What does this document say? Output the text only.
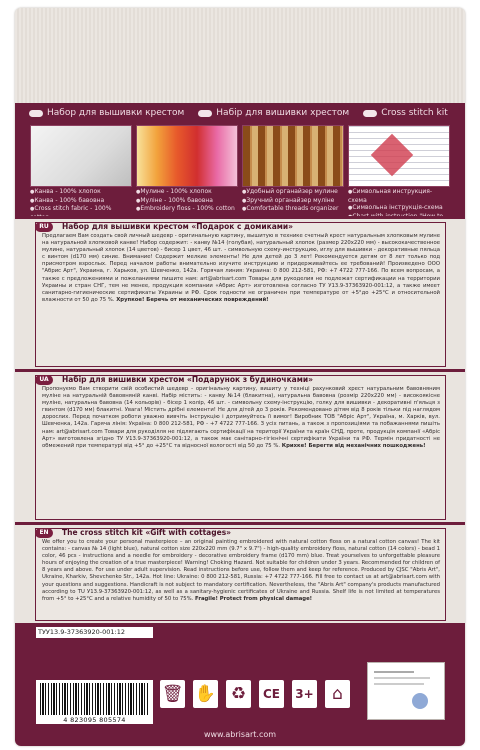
Набор для вышивки крестом	Набір для вишивки хрестом	Cross stitch kit
● Канва - 100% хлопок
● Канва - 100% бавовна
● Cross stitch fabric - 100%
● Мулине - 100% хлопок
● Муліне - 100% бавовна
● Embroidery floss - 100% cotton
● Удобный органайзер мулине
● Зручний органайзер муліне
● Comfortable threads organizer
● Символьная инструкция-схема
● Символьна інструкція-схема
●
RU	Набор для вышивки крестом «Подарок с домиками»
Предлагаем Вам создать свой личный шедевр - оригинальную картину, вышитую в технике счетный крест натуральным хлопковым мулине на натуральной хлопковой канве! Набор содержит: - канву №14 (голубая), натуральный хлопок (размер 220х220 мм) - высококачественное мулине, натуральный хлопок (14 цветов) - бисер 1 цвет, 46 шт. - символьную схему-инструкцию, иглу для вышивки - декоративные пяльца с винтом (d170 мм) синие. Внимание! Содержит мелкие элементы! Не для детей до 3 лет! Рекомендуется детям от 8 лет только под присмотром взрослых. Перед началом работы внимательно изучите инструкцию и придерживайтесь ее требований! Произведено ООО "Абрис Арт", Украина, г. Харьков, ул. Шевченко, 142а. Горячая линия: Украина: 0 800 212-581, РФ: +7 4722 777-166. По всем вопросам, а также с предложениями и пожеланиями пишите нам: art@abrisart.com Товары для рукоделия не подлежат сертификации на территории Украины и стран СНГ, тем не менее, продукция компании «Абрис Арт» изготовлена согласно ТУ У13.9-37363920-001:12, а также имеет санитарно-гигиенические сертификаты Украины и РФ. Срок годности не ограничен при температуре от +5°до +25°C и относительной влажности от 50 до 75 %. Хрупкое! Беречь от механических повреждений!
UA	Набір для вишивки хрестом «Подарунок з будиночками»
Пропонуємо Вам створити свій особистий шедевр - оригінальну картину, вишиту у техніці рахунковий хрест натуральним бавовняним муліне на натуральній бавовняній канві. Набір містить: - канву №14 (блакитна), натуральна бавовна (розмір 220х220 мм) - високоякісне муліне, натуральна бавовна (14 кольорів) - бісер 1 колір, 46 шт. - символьну схему-інструкцію, голку для вишивки - декоративні п'яльця з гвинтом (d170 мм) блакитні. Увага! Містить дрібні елементи! Не для дітей до 3 років. Рекомендовано дітям від 8 років тільки під наглядом дорослих. Перед початком роботи уважно вивчіть інструкцію і дотримуйтесь її вимог! Виробник ТОВ "Абріс Арт", Україна, м. Харків, вул. Шевченка, 142а. Гаряча лінія: Україна: 0 800 212-581, РФ - +7 4722 777-166. З усіх питань, а також з пропозиціями та побажаннями пишіть нам: art@abrisart.com Товари для рукоділля не підлягають сертифікації на території України та країн СНД, проте, продукція компанії «Абріс Арт» виготовлена згідно ТУ У13.9-37363920-001:12, а також має санітарно-гігієнічні сертифікати України та РФ. Термін придатності не обмежений при температурі від +5° до +25°С та відносної вологості від 50 до 75 %. Крихке! Берегти від механічних пошкоджень!
EN	The cross stitch kit «Gift with cottages»
We offer you to create your personal masterpiece – an original painting embroidered with natural cotton floss on a natural cotton canvas! The kit contains: - canvas № 14 (light blue), natural cotton size 220x220 mm (9.7" x 9.7") - high-quality embroidery floss, natural cotton (14 colors) - bead 1 color, 46 pcs - instructions and a needle for embroidery - decorative embroidery frame (d170 mm) blue. Treat yourselves to unforgettable pleasure hours of enjoying the creation of a true masterpiece! Warning! Choking Hazard. Not suitable for children under 3 years. Recommended for children of 8 years and above. For use under adult supervision. Read instructions before use, follow them and keep for reference. Produced by CJSC "Abris Art", Ukraine, Kharkiv, Shevchenko Str., 142a. Hot line: Ukraine: 0 800 212-581, Russia: +7 4722 777-166. Fill free to contact us at art@abrisart.com with your questions and suggestions. Handicraft is not subject to mandatory certification. Nevertheless, the "Abris Art" company's products manufactured according to TU У13.9-37363920-001:12, as well as a sanitary-hygienic certificates of Ukraine and Russia. Shelf life is not limited at temperatures from +5° to +25°C and a relative humidity of 50 to 75%. Fragile! Protect from physical damage!
ТУУ13.9-37363920-001:12
4 823095 805574
🗑 ✋ ♻	CE	3+	⌂
www.abrisart.com
